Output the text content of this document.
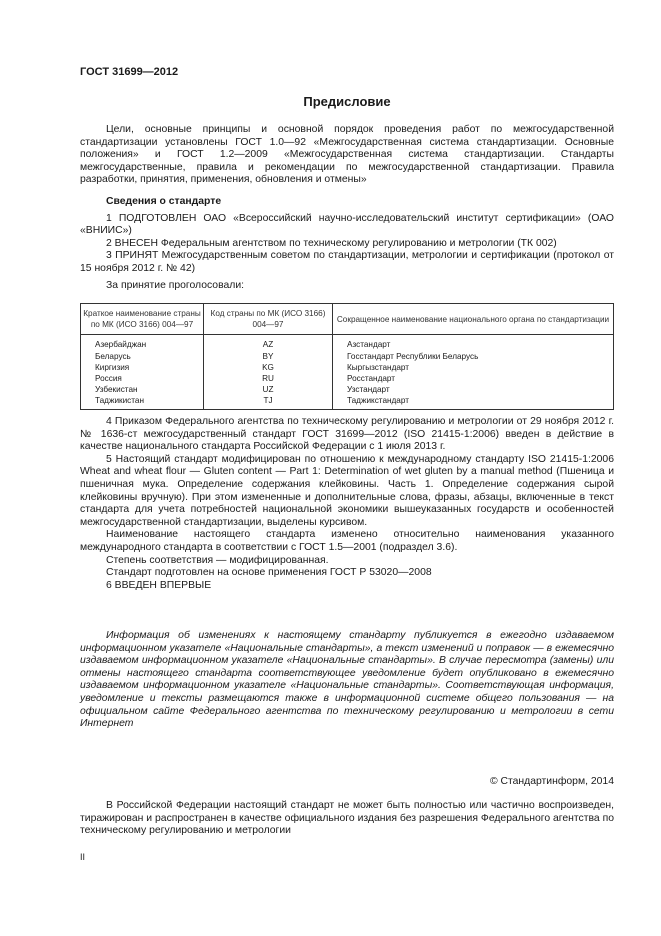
ГОСТ 31699—2012
Предисловие

Цели, основные принципы и основной порядок проведения работ по межгосударственной стандартизации установлены ГОСТ 1.0—92 «Межгосударственная система стандартизации. Основные положения» и ГОСТ 1.2—2009 «Межгосударственная система стандартизации. Стандарты межгосударственные, правила и рекомендации по межгосударственной стандартизации. Правила разработки, принятия, применения, обновления и отмены»

Сведения о стандарте

1 ПОДГОТОВЛЕН ОАО «Всероссийский научно-исследовательский институт сертификации» (ОАО «ВНИИС»)

2 ВНЕСЕН Федеральным агентством по техническому регулированию и метрологии (ТК 002)

3 ПРИНЯТ Межгосударственным советом по стандартизации, метрологии и сертификации (протокол от 15 ноября 2012 г. № 42)

За принятие проголосовали:

Краткое наименование страны по МК (ИСО 3166) 004—97	Код страны по МК (ИСО 3166) 004—97	Сокращенное наименование национального органа по стандартизации
Азербайджан	AZ	Азстандарт
Беларусь	BY	Госстандарт Республики Беларусь
Киргизия	KG	Кыргызстандарт
Россия	RU	Росстандарт
Узбекистан	UZ	Узстандарт
Таджикистан	TJ	Таджикстандарт

4 Приказом Федерального агентства по техническому регулированию и метрологии от 29 ноября 2012 г. № 1636-ст межгосударственный стандарт ГОСТ 31699—2012 (ISO 21415-1:2006) введен в действие в качестве национального стандарта Российской Федерации с 1 июля 2013 г.

5 Настоящий стандарт модифицирован по отношению к международному стандарту ISO 21415-1:2006 Wheat and wheat flour — Gluten content — Part 1: Determination of wet gluten by a manual method (Пшеница и пшеничная мука. Определение содержания клейковины. Часть 1. Определение содержания сырой клейковины вручную). При этом измененные и дополнительные слова, фразы, абзацы, включенные в текст стандарта для учета потребностей национальной экономики вышеуказанных государств и особенностей межгосударственной стандартизации, выделены курсивом.

Наименование настоящего стандарта изменено относительно наименования указанного международного стандарта в соответствии с ГОСТ 1.5—2001 (подраздел 3.6).

Степень соответствия — модифицированная.

Стандарт подготовлен на основе применения ГОСТ Р 53020—2008

6 ВВЕДЕН ВПЕРВЫЕ

Информация об изменениях к настоящему стандарту публикуется в ежегодно издаваемом информационном указателе «Национальные стандарты», а текст изменений и поправок — в ежемесячно издаваемом информационном указателе «Национальные стандарты». В случае пересмотра (замены) или отмены настоящего стандарта соответствующее уведомление будет опубликовано в ежемесячно издаваемом информационном указателе «Национальные стандарты». Соответствующая информация, уведомление и тексты размещаются также в информационной системе общего пользования — на официальном сайте Федерального агентства по техническому регулированию и метрологии в сети Интернет

© Стандартинформ, 2014

В Российской Федерации настоящий стандарт не может быть полностью или частично воспроизведен, тиражирован и распространен в качестве официального издания без разрешения Федерального агентства по техническому регулированию и метрологии

II
